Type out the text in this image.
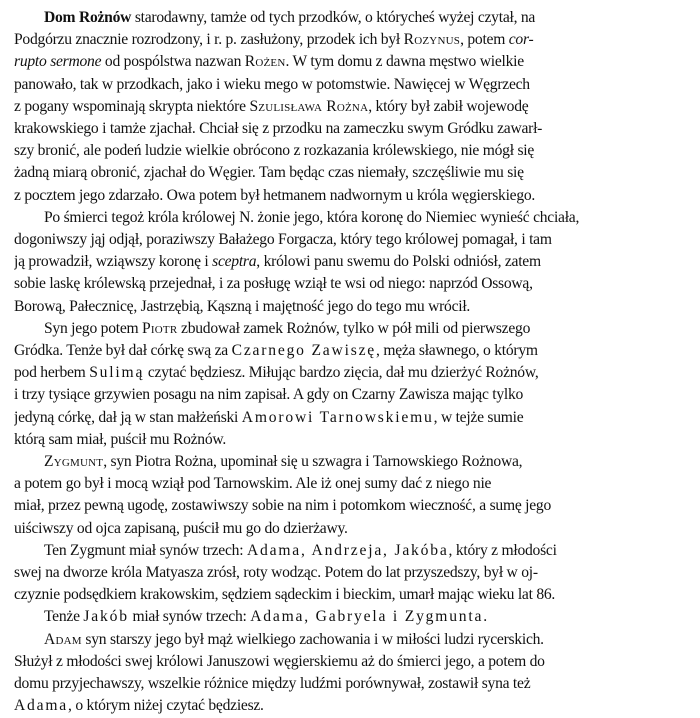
Dom Rożnów starodawny, tamże od tych przodków, o którycheś wyżej czytał, na
Podgórzu znacznie rozrodzony, i r. p. zasłużony, przodek ich był Rozynus, potem cor-
rupto sermone od pospólstwa nazwan Rożen. W tym domu z dawna męstwo wielkie
panowało, tak w przodkach, jako i wieku mego w potomstwie. Nawięcej w Węgrzech
z pogany wspominają skrypta niektóre Szulisława Rożna, który był zabił wojewodę
krakowskiego i tamże zjachał. Chciał się z przodku na zameczku swym Gródku zawarł-
szy bronić, ale podeń ludzie wielkie obrócono z rozkazania królewskiego, nie mógł się
żadną miarą obronić, zjachał do Węgier. Tam będąc czas niemały, szczęśliwie mu się
z pocztem jego zdarzało. Owa potem był hetmanem nadwornym u króla węgierskiego.
Po śmierci tegoż króla królowej N. żonie jego, która koronę do Niemiec wynieść chciała,
dogoniwszy jąj odjął, poraziwszy Bałażego Forgacza, który tego królowej pomagał, i tam
ją prowadził, wziąwszy koronę i sceptra, królowi panu swemu do Polski odniósł, zatem
sobie laskę królewską przejednał, i za posługę wziął te wsi od niego: naprzód Ossową,
Borową, Pałecznicę, Jastrzębią, Kąszną i majętność jego do tego mu wrócił.
Syn jego potem Piotr zbudował zamek Rożnów, tylko w pół mili od pierwszego
Gródka. Tenże był dał córkę swą za Czarnego Zawiszę, męża sławnego, o którym
pod herbem Sulimą czytać będziesz. Miłując bardzo zięcia, dał mu dzierżyć Rożnów,
i trzy tysiące grzywien posagu na nim zapisał. A gdy on Czarny Zawisza mając tylko
jedyną córkę, dał ją w stan małżeński Amorowi Tarnowskiemu, w tejże sumie
którą sam miał, puścił mu Rożnów.
Zygmunt, syn Piotra Rożna, upominał się u szwagra i Tarnowskiego Rożnowa,
a potem go był i mocą wziął pod Tarnowskim. Ale iż onej sumy dać z niego nie
miał, przez pewną ugodę, zostawiwszy sobie na nim i potomkom wieczność, a sumę jego
uiściwszy od ojca zapisaną, puścił mu go do dzierżawy.
Ten Zygmunt miał synów trzech: Adama, Andrzeja, Jakóba, który z młodości
swej na dworze króla Matyasza zrósł, roty wodząc. Potem do lat przyszedszy, był w oj-
czyznie podsędkiem krakowskim, sędziem sądeckim i bieckim, umarł mając wieku lat 86.
Tenże Jakób miał synów trzech: Adama, Gabryela i Zygmunta.
Adam syn starszy jego był mąż wielkiego zachowania i w miłości ludzi rycerskich.
Służył z młodości swej królowi Januszowi węgierskiemu aż do śmierci jego, a potem do
domu przyjechawszy, wszelkie różnice między ludźmi porównywał, zostawił syna też
Adama, o którym niżej czytać będziesz.
